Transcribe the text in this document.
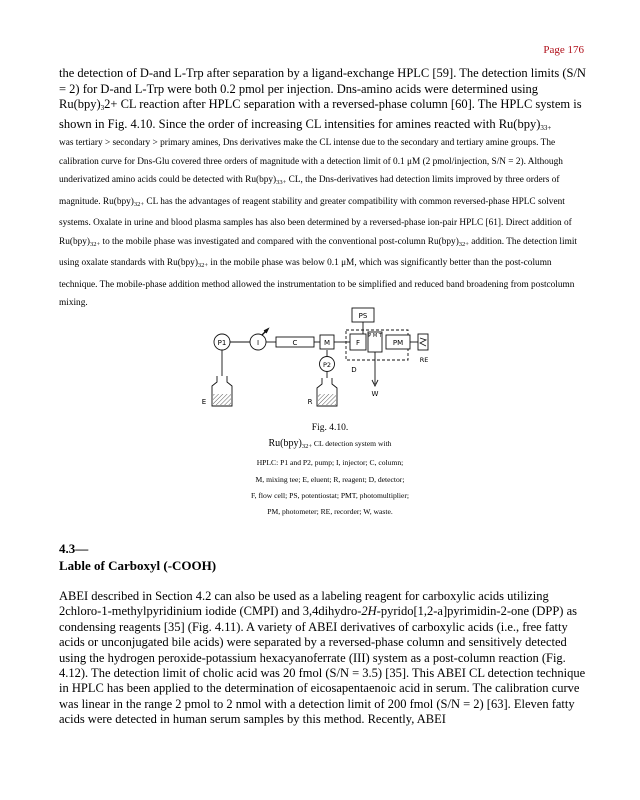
Page 176

the detection of D-and L-Trp after separation by a ligand-exchange HPLC [59]. The detection limits (S/N = 2) for D-and L-Trp were both 0.2 pmol per injection. Dns-amino acids were determined using $Ru(bpy)_32+$ CL reaction after HPLC separation with a reversed-phase column [60]. The HPLC system is shown in Fig. 4.10. Since the order of increasing CL intensities for amines reacted with $Ru(bpy)_{33+}$

was tertiary > secondary > primary amines, Dns derivatives make the CL intense due to the secondary and tertiary amine groups. The calibration curve for Dns-Glu covered three orders of magnitude with a detection limit of 0.1 μM (2 pmol/injection, S/N = 2). Although underivatized amino acids could be detected with $Ru(bpy)_{33+}$ CL, the Dns-derivatives had detection limits improved by three orders of magnitude. $Ru(bpy)_{32+}$ CL has the advantages of reagent stability and greater compatibility with common reversed-phase HPLC solvent systems. Oxalate in urine and blood plasma samples has also been determined by a reversed-phase ion-pair HPLC [61]. Direct addition of $Ru(bpy)_{32+}$ to the mobile phase was investigated and compared with the conventional post-column $Ru(bpy)_{32+}$ addition. The detection limit using oxalate standards with $Ru(bpy)_{32+}$ in the mobile phase was below 0.1 μM, which was significantly better than the post-column technique. The mobile-phase addition method allowed the instrumentation to be simplified and reduced band broadening from postcolumn mixing.

P1	I	C	M
P2
F
P M T
PS
PM
RE
D
W
E	R
Fig. 4.10.
Ru(bpy)32+ CL detection system with
HPLC: P1 and P2, pump; I, injector; C, column;
M, mixing tee; E, eluent; R, reagent; D, detector;
F, flow cell; PS, potentiostat; PMT, photomultiplier;
PM, photometer; RE, recorder; W, waste.
4.3—
Lable of Carboxyl (-COOH)

ABEI described in Section 4.2 can also be used as a labeling reagent for carboxylic acids utilizing 2chloro-1-methylpyridinium iodide (CMPI) and 3,4dihydro-2H-pyrido[1,2-a]pyrimidin-2-one (DPP) as condensing reagents [35] (Fig. 4.11). A variety of ABEI derivatives of carboxylic acids (i.e., free fatty acids or unconjugated bile acids) were separated by a reversed-phase column and sensitively detected using the hydrogen peroxide-potassium hexacyanoferrate (III) system as a post-column reaction (Fig. 4.12). The detection limit of cholic acid was 20 fmol (S/N = 3.5) [35]. This ABEI CL detection technique in HPLC has been applied to the determination of eicosapentaenoic acid in serum. The calibration curve was linear in the range 2 pmol to 2 nmol with a detection limit of 200 fmol (S/N = 2) [63]. Eleven fatty acids were detected in human serum samples by this method. Recently, ABEI
